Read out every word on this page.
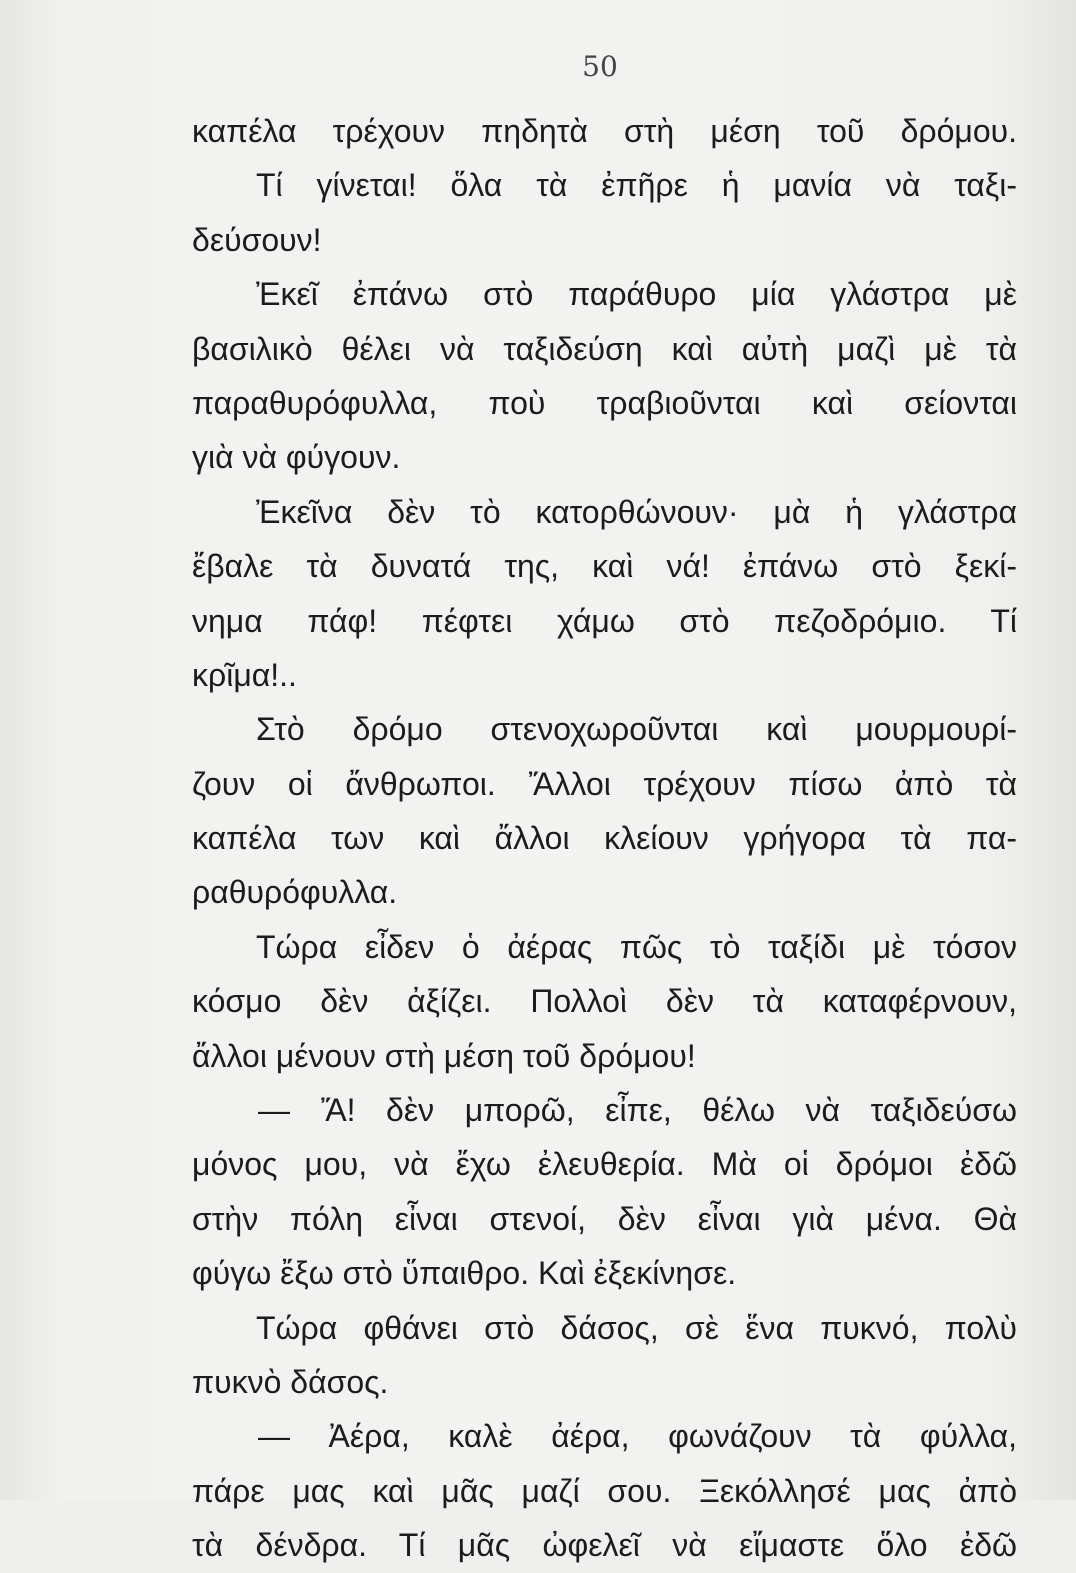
50
καπέλα τρέχουν πηδητὰ στὴ μέση τοῦ δρόμου.
Τί γίνεται! ὅλα τὰ ἐπῆρε ἡ μανία νὰ ταξι-
δεύσουν!
Ἐκεῖ ἐπάνω στὸ παράθυρο μία γλάστρα μὲ
βασιλικὸ θέλει νὰ ταξιδεύση καὶ αὐτὴ μαζὶ μὲ τὰ
παραθυρόφυλλα, ποὺ τραβιοῦνται καὶ σείονται
γιὰ νὰ φύγουν.
Ἐκεῖνα δὲν τὸ κατορθώνουν· μὰ ἡ γλάστρα
ἔβαλε τὰ δυνατά της, καὶ νά! ἐπάνω στὸ ξεκί-
νημα πάφ! πέφτει χάμω στὸ πεζοδρόμιο. Τί
κρῖμα!..
Στὸ δρόμο στενοχωροῦνται καὶ μουρμουρί-
ζουν οἱ ἄνθρωποι. Ἄλλοι τρέχουν πίσω ἀπὸ τὰ
καπέλα των καὶ ἄλλοι κλείουν γρήγορα τὰ πα-
ραθυρόφυλλα.
Τώρα εἶδεν ὁ ἀέρας πῶς τὸ ταξίδι μὲ τόσον
κόσμο δὲν ἀξίζει. Πολλοὶ δὲν τὰ καταφέρνουν,
ἄλλοι μένουν στὴ μέση τοῦ δρόμου!
— Ἄ! δὲν μπορῶ, εἶπε, θέλω νὰ ταξιδεύσω
μόνος μου, νὰ ἔχω ἐλευθερία. Μὰ οἱ δρόμοι ἐδῶ
στὴν πόλη εἶναι στενοί, δὲν εἶναι γιὰ μένα. Θὰ
φύγω ἔξω στὸ ὕπαιθρο. Καὶ ἐξεκίνησε.
Τώρα φθάνει στὸ δάσος, σὲ ἕνα πυκνό, πολὺ
πυκνὸ δάσος.
— Ἀέρα, καλὲ ἀέρα, φωνάζουν τὰ φύλλα,
πάρε μας καὶ μᾶς μαζί σου. Ξεκόλλησέ μας ἀπὸ
τὰ δένδρα. Τί μᾶς ὠφελεῖ νὰ εἴμαστε ὅλο ἐδῶ
